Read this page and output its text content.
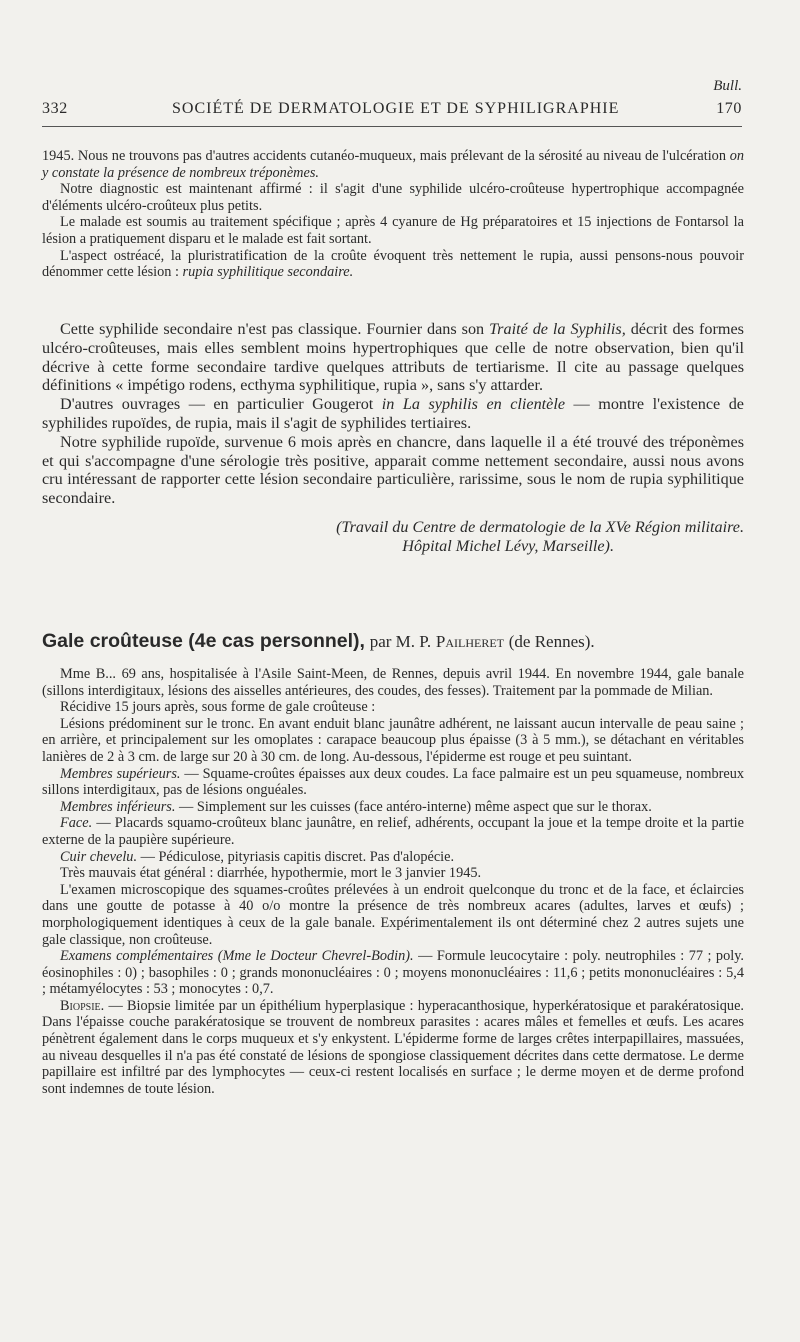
Bull.
332	SOCIÉTÉ DE DERMATOLOGIE ET DE SYPHILIGRAPHIE	170

1945. Nous ne trouvons pas d'autres accidents cutanéo-muqueux, mais prélevant de la sérosité au niveau de l'ulcération on y constate la présence de nombreux tréponèmes.

Notre diagnostic est maintenant affirmé : il s'agit d'une syphilide ulcéro-croûteuse hypertrophique accompagnée d'éléments ulcéro-croûteux plus petits.

Le malade est soumis au traitement spécifique ; après 4 cyanure de Hg préparatoires et 15 injections de Fontarsol la lésion a pratiquement disparu et le malade est fait sortant.

L'aspect ostréacé, la pluristratification de la croûte évoquent très nettement le rupia, aussi pensons-nous pouvoir dénommer cette lésion : rupia syphilitique secondaire.

Cette syphilide secondaire n'est pas classique. Fournier dans son Traité de la Syphilis, décrit des formes ulcéro-croûteuses, mais elles semblent moins hypertrophiques que celle de notre observation, bien qu'il décrive à cette forme secondaire tardive quelques attributs de tertiarisme. Il cite au passage quelques définitions « impétigo rodens, ecthyma syphilitique, rupia », sans s'y attarder.

D'autres ouvrages — en particulier Gougerot in La syphilis en clientèle — montre l'existence de syphilides rupoïdes, de rupia, mais il s'agit de syphilides tertiaires.

Notre syphilide rupoïde, survenue 6 mois après en chancre, dans laquelle il a été trouvé des tréponèmes et qui s'accompagne d'une sérologie très positive, apparait comme nettement secondaire, aussi nous avons cru intéressant de rapporter cette lésion secondaire particulière, rarissime, sous le nom de rupia syphilitique secondaire.

(Travail du Centre de dermatologie de la XVe Région militaire.

Hôpital Michel Lévy, Marseille).

Gale croûteuse (4e cas personnel), par M. P. Pailheret (de Rennes).

Mme B... 69 ans, hospitalisée à l'Asile Saint-Meen, de Rennes, depuis avril 1944. En novembre 1944, gale banale (sillons interdigitaux, lésions des aisselles antérieures, des coudes, des fesses). Traitement par la pommade de Milian.

Récidive 15 jours après, sous forme de gale croûteuse :

Lésions prédominent sur le tronc. En avant enduit blanc jaunâtre adhérent, ne laissant aucun intervalle de peau saine ; en arrière, et principalement sur les omoplates : carapace beaucoup plus épaisse (3 à 5 mm.), se détachant en véritables lanières de 2 à 3 cm. de large sur 20 à 30 cm. de long. Au-dessous, l'épiderme est rouge et peu suintant.

Membres supérieurs. — Squame-croûtes épaisses aux deux coudes. La face palmaire est un peu squameuse, nombreux sillons interdigitaux, pas de lésions onguéales.

Membres inférieurs. — Simplement sur les cuisses (face antéro-interne) même aspect que sur le thorax.

Face. — Placards squamo-croûteux blanc jaunâtre, en relief, adhérents, occupant la joue et la tempe droite et la partie externe de la paupière supérieure.

Cuir chevelu. — Pédiculose, pityriasis capitis discret. Pas d'alopécie.

Très mauvais état général : diarrhée, hypothermie, mort le 3 janvier 1945.

L'examen microscopique des squames-croûtes prélevées à un endroit quelconque du tronc et de la face, et éclaircies dans une goutte de potasse à 40 o/o montre la présence de très nombreux acares (adultes, larves et œufs) ; morphologiquement identiques à ceux de la gale banale. Expérimentalement ils ont déterminé chez 2 autres sujets une gale classique, non croûteuse.

Examens complémentaires (Mme le Docteur Chevrel-Bodin). — Formule leucocytaire : poly. neutrophiles : 77 ; poly. éosinophiles : 0) ; basophiles : 0 ; grands mononucléaires : 0 ; moyens mononucléaires : 11,6 ; petits mononucléaires : 5,4 ; métamyélocytes : 53 ; monocytes : 0,7.

Biopsie. — Biopsie limitée par un épithélium hyperplasique : hyperacanthosique, hyperkératosique et parakératosique. Dans l'épaisse couche parakératosique se trouvent de nombreux parasites : acares mâles et femelles et œufs. Les acares pénètrent également dans le corps muqueux et s'y enkystent. L'épiderme forme de larges crêtes interpapillaires, massuées, au niveau desquelles il n'a pas été constaté de lésions de spongiose classiquement décrites dans cette dermatose. Le derme papillaire est infiltré par des lymphocytes — ceux-ci restent localisés en surface ; le derme moyen et de derme profond sont indemnes de toute lésion.
